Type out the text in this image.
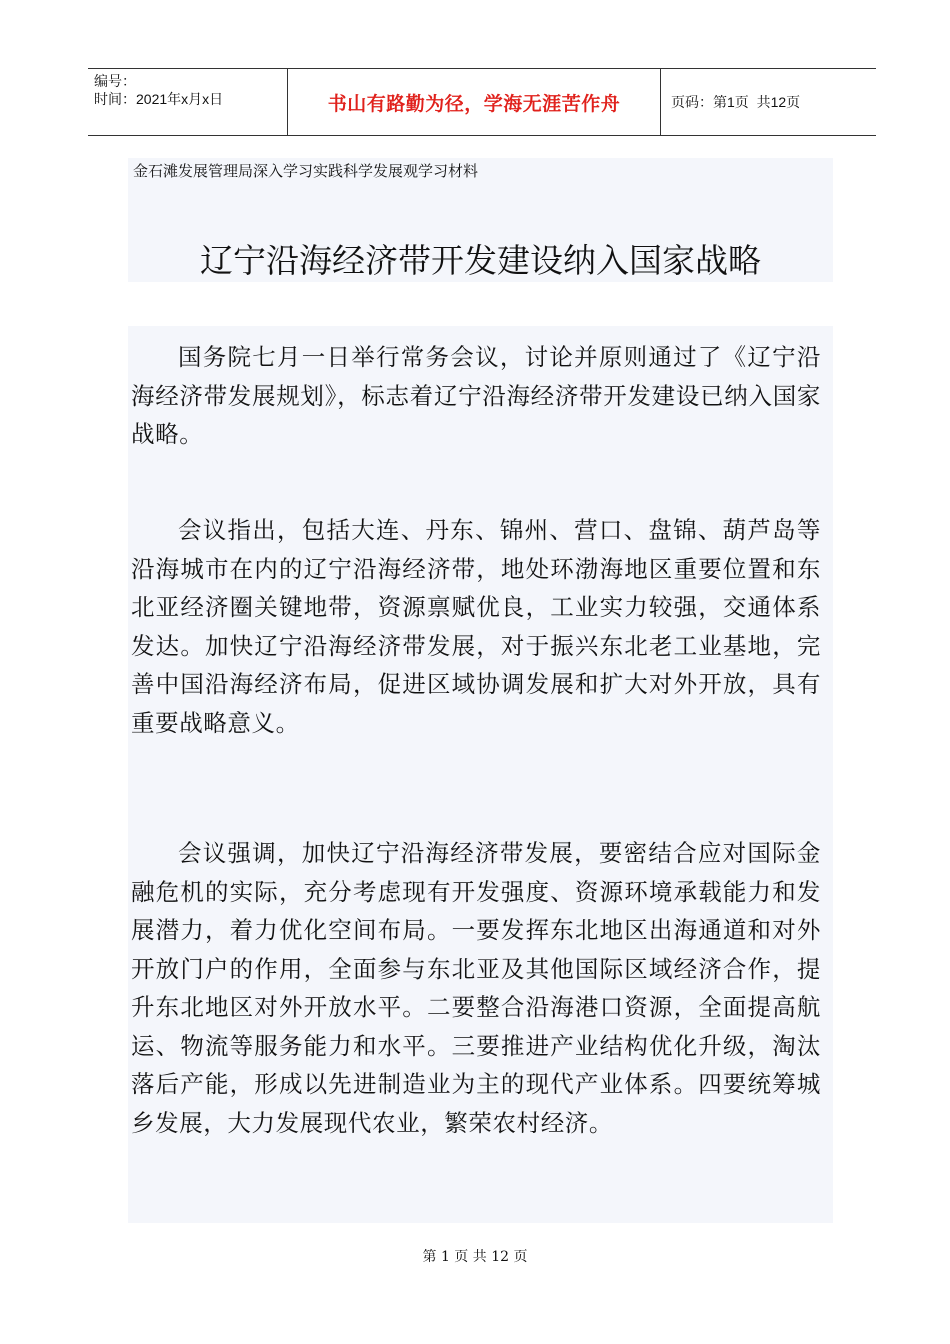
编号：
时间：2021年x月x日	书山有路勤为径，学海无涯苦作舟	页码：第1页  共12页
金石滩发展管理局深入学习实践科学发展观学习材料
辽宁沿海经济带开发建设纳入国家战略
国务院七月一日举行常务会议，讨论并原则通过了《辽宁沿海经济带发展规划》，标志着辽宁沿海经济带开发建设已纳入国家战略。
会议指出，包括大连、丹东、锦州、营口、盘锦、葫芦岛等沿海城市在内的辽宁沿海经济带，地处环渤海地区重要位置和东北亚经济圈关键地带，资源禀赋优良，工业实力较强，交通体系发达。加快辽宁沿海经济带发展，对于振兴东北老工业基地，完善中国沿海经济布局，促进区域协调发展和扩大对外开放，具有重要战略意义。
会议强调，加快辽宁沿海经济带发展，要密结合应对国际金融危机的实际，充分考虑现有开发强度、资源环境承载能力和发展潜力，着力优化空间布局。一要发挥东北地区出海通道和对外开放门户的作用，全面参与东北亚及其他国际区域经济合作，提升东北地区对外开放水平。二要整合沿海港口资源，全面提高航运、物流等服务能力和水平。三要推进产业结构优化升级，淘汰落后产能，形成以先进制造业为主的现代产业体系。四要统筹城乡发展，大力发展现代农业，繁荣农村经济。
第 1 页 共 12 页
